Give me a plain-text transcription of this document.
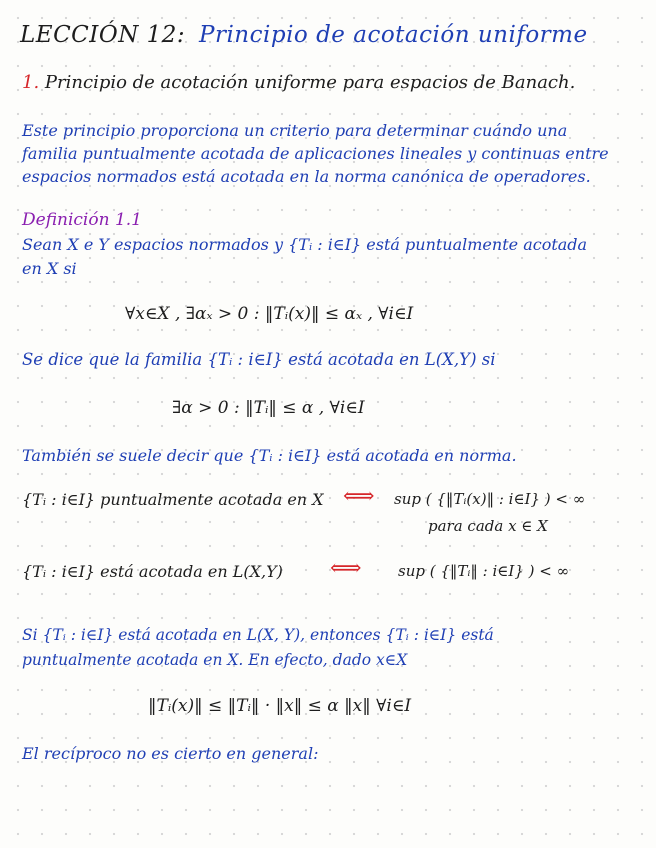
LECCIÓN 12: Principio de acotación uniforme
1. Principio de acotación uniforme para espacios de Banach.
Este principio proporciona un criterio para determinar cuándo una
familia puntualmente acotada de aplicaciones lineales y continuas entre
espacios normados está acotada en la norma canónica de operadores.
Definición 1.1
Sean X e Y espacios normados y {Tᵢ : i∈I} está puntualmente acotada
en X si
∀x∈X , ∃αₓ > 0 : ‖Tᵢ(x)‖ ≤ αₓ , ∀i∈I
Se dice que la familia {Tᵢ : i∈I} está acotada en L(X,Y) si
∃α > 0 : ‖Tᵢ‖ ≤ α , ∀i∈I
También se suele decir que {Tᵢ : i∈I} está acotada en norma.
{Tᵢ : i∈I} puntualmente acotada en X ⟺ sup ( {‖Tᵢ(x)‖ : i∈I} ) < ∞
para cada x ∈ X
{Tᵢ : i∈I} está acotada en L(X,Y) ⟺ sup ( {‖Tᵢ‖ : i∈I} ) < ∞
Si {Tᵢ : i∈I} está acotada en L(X, Y), entonces {Tᵢ : i∈I} está
puntualmente acotada en X. En efecto, dado x∈X
‖Tᵢ(x)‖ ≤ ‖Tᵢ‖ · ‖x‖ ≤ α ‖x‖ ∀i∈I
El recíproco no es cierto en general:
